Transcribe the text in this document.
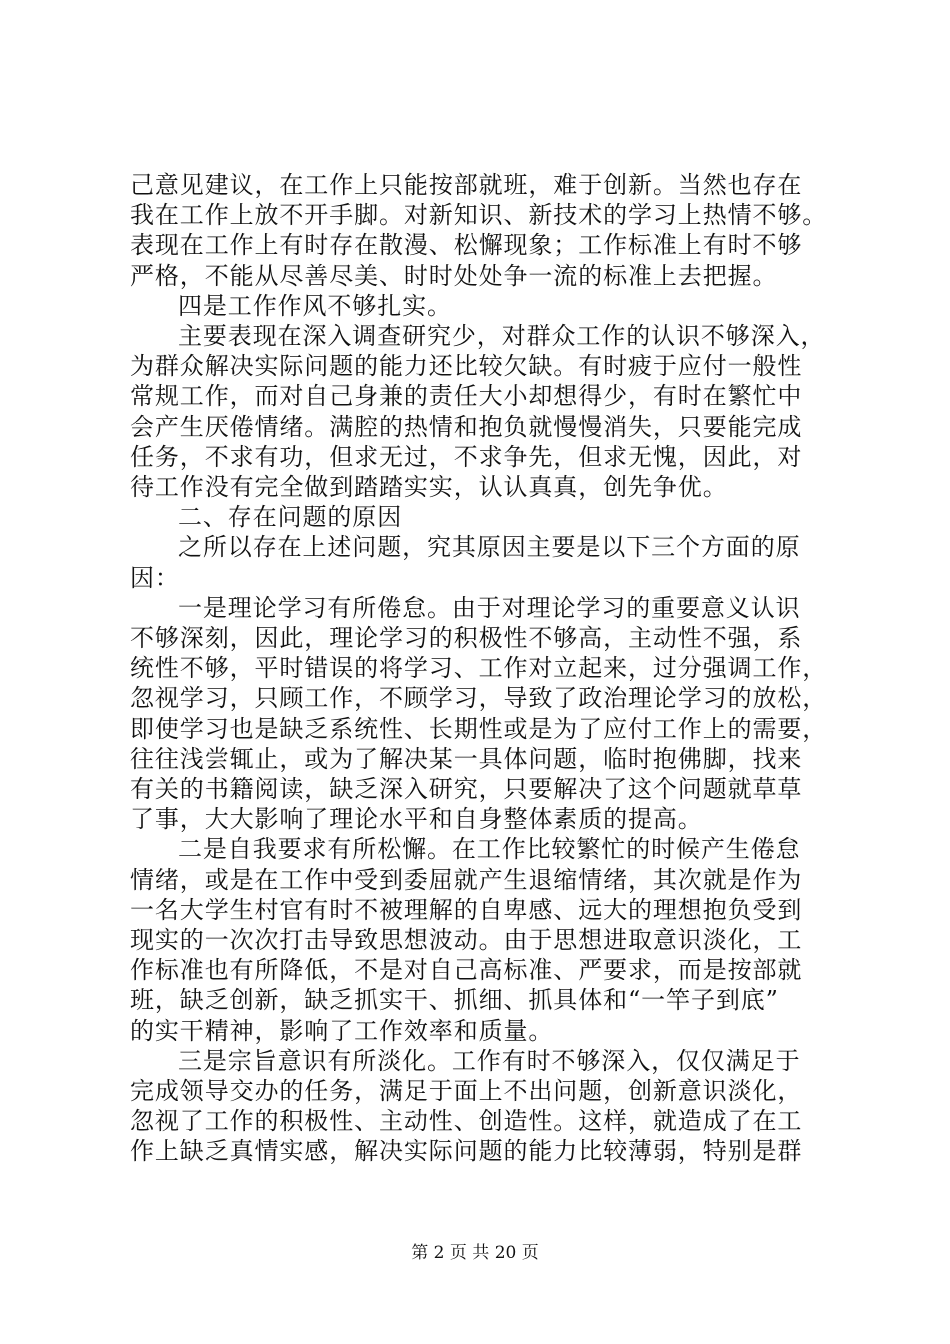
己意见建议，在工作上只能按部就班，难于创新。当然也存在
我在工作上放不开手脚。对新知识、新技术的学习上热情不够。
表现在工作上有时存在散漫、松懈现象；工作标准上有时不够
严格，不能从尽善尽美、时时处处争一流的标准上去把握。
四是工作作风不够扎实。
主要表现在深入调查研究少，对群众工作的认识不够深入，
为群众解决实际问题的能力还比较欠缺。有时疲于应付一般性
常规工作，而对自己身兼的责任大小却想得少，有时在繁忙中
会产生厌倦情绪。满腔的热情和抱负就慢慢消失，只要能完成
任务，不求有功，但求无过，不求争先，但求无愧，因此，对
待工作没有完全做到踏踏实实，认认真真，创先争优。
二、存在问题的原因
之所以存在上述问题，究其原因主要是以下三个方面的原
因：
一是理论学习有所倦怠。由于对理论学习的重要意义认识
不够深刻，因此，理论学习的积极性不够高，主动性不强，系
统性不够，平时错误的将学习、工作对立起来，过分强调工作，
忽视学习，只顾工作，不顾学习，导致了政治理论学习的放松，
即使学习也是缺乏系统性、长期性或是为了应付工作上的需要，
往往浅尝辄止，或为了解决某一具体问题，临时抱佛脚，找来
有关的书籍阅读，缺乏深入研究，只要解决了这个问题就草草
了事，大大影响了理论水平和自身整体素质的提高。
二是自我要求有所松懈。在工作比较繁忙的时候产生倦怠
情绪，或是在工作中受到委屈就产生退缩情绪，其次就是作为
一名大学生村官有时不被理解的自卑感、远大的理想抱负受到
现实的一次次打击导致思想波动。由于思想进取意识淡化，工
作标准也有所降低，不是对自己高标准、严要求，而是按部就
班，缺乏创新，缺乏抓实干、抓细、抓具体和“一竿子到底”
的实干精神，影响了工作效率和质量。
三是宗旨意识有所淡化。工作有时不够深入，仅仅满足于
完成领导交办的任务，满足于面上不出问题，创新意识淡化，
忽视了工作的积极性、主动性、创造性。这样，就造成了在工
作上缺乏真情实感，解决实际问题的能力比较薄弱，特别是群
第 2 页 共 20 页
